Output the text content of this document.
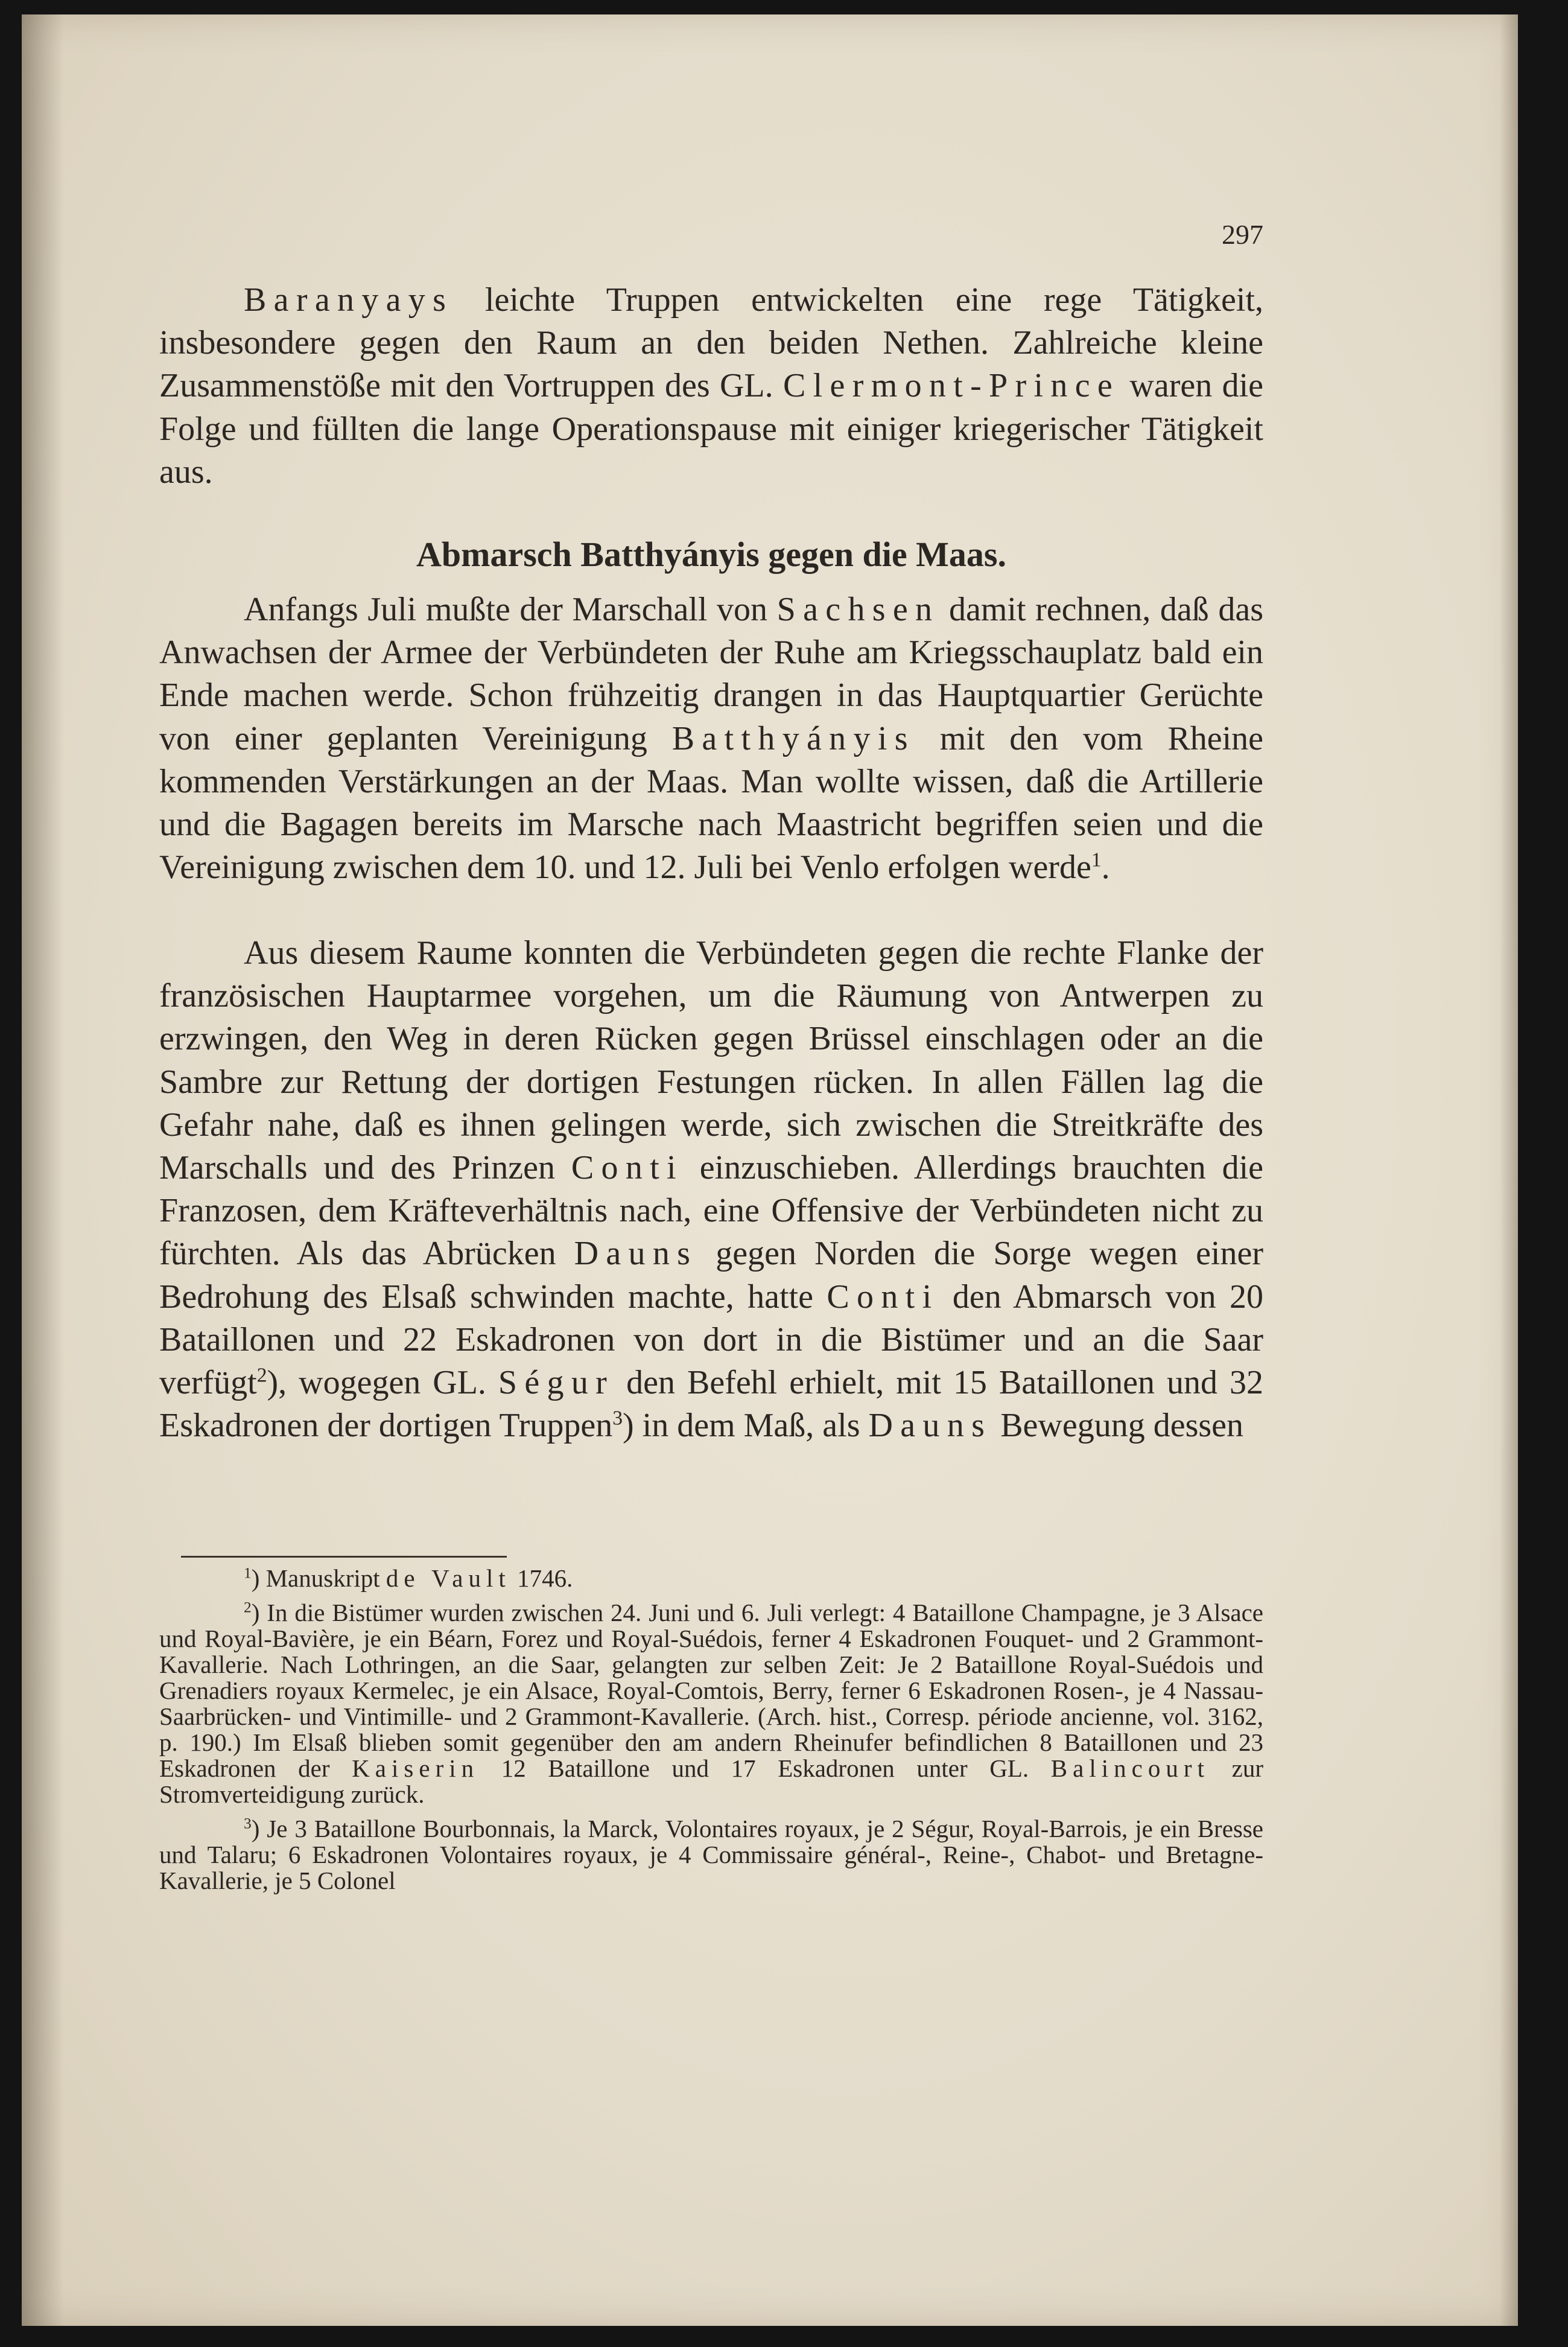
297

Baranyays leichte Truppen entwickelten eine rege Tätigkeit, insbesondere gegen den Raum an den beiden Nethen. Zahlreiche kleine Zusammenstöße mit den Vortruppen des GL. Clermont-Prince waren die Folge und füllten die lange Operationspause mit einiger kriegerischer Tätigkeit aus.

Abmarsch Batthyányis gegen die Maas.

Anfangs Juli mußte der Marschall von Sachsen damit rechnen, daß das Anwachsen der Armee der Verbündeten der Ruhe am Kriegsschauplatz bald ein Ende machen werde. Schon frühzeitig drangen in das Hauptquartier Gerüchte von einer geplanten Vereinigung Batthyányis mit den vom Rheine kommenden Verstärkungen an der Maas. Man wollte wissen, daß die Artillerie und die Bagagen bereits im Marsche nach Maastricht begriffen seien und die Vereinigung zwischen dem 10. und 12. Juli bei Venlo erfolgen werde$^1$.

Aus diesem Raume konnten die Verbündeten gegen die rechte Flanke der französischen Hauptarmee vorgehen, um die Räumung von Antwerpen zu erzwingen, den Weg in deren Rücken gegen Brüssel einschlagen oder an die Sambre zur Rettung der dortigen Festungen rücken. In allen Fällen lag die Gefahr nahe, daß es ihnen gelingen werde, sich zwischen die Streitkräfte des Marschalls und des Prinzen Conti einzuschieben. Allerdings brauchten die Franzosen, dem Kräfteverhältnis nach, eine Offensive der Verbündeten nicht zu fürchten. Als das Abrücken Dauns gegen Norden die Sorge wegen einer Bedrohung des Elsaß schwinden machte, hatte Conti den Abmarsch von 20 Bataillonen und 22 Eskadronen von dort in die Bistümer und an die Saar verfügt$^2$), wogegen GL. Ségur den Befehl erhielt, mit 15 Bataillonen und 32 Eskadronen der dortigen Truppen$^3$) in dem Maß, als Dauns Bewegung dessen

$^1$) Manuskript de Vault 1746.

$^2$) In die Bistümer wurden zwischen 24. Juni und 6. Juli verlegt: 4 Bataillone Champagne, je 3 Alsace und Royal-Bavière, je ein Béarn, Forez und Royal-Suédois, ferner 4 Eskadronen Fouquet- und 2 Grammont-Kavallerie. Nach Lothringen, an die Saar, gelangten zur selben Zeit: Je 2 Bataillone Royal-Suédois und Grenadiers royaux Kermelec, je ein Alsace, Royal-Comtois, Berry, ferner 6 Eskadronen Rosen-, je 4 Nassau-Saarbrücken- und Vintimille- und 2 Grammont-Kavallerie. (Arch. hist., Corresp. période ancienne, vol. 3162, p. 190.) Im Elsaß blieben somit gegenüber den am andern Rheinufer befindlichen 8 Bataillonen und 23 Eskadronen der Kaiserin 12 Bataillone und 17 Eskadronen unter GL. Balincourt zur Stromverteidigung zurück.

$^3$) Je 3 Bataillone Bourbonnais, la Marck, Volontaires royaux, je 2 Ségur, Royal-Barrois, je ein Bresse und Talaru; 6 Eskadronen Volontaires royaux, je 4 Commissaire général-, Reine-, Chabot- und Bretagne-Kavallerie, je 5 Colonel
